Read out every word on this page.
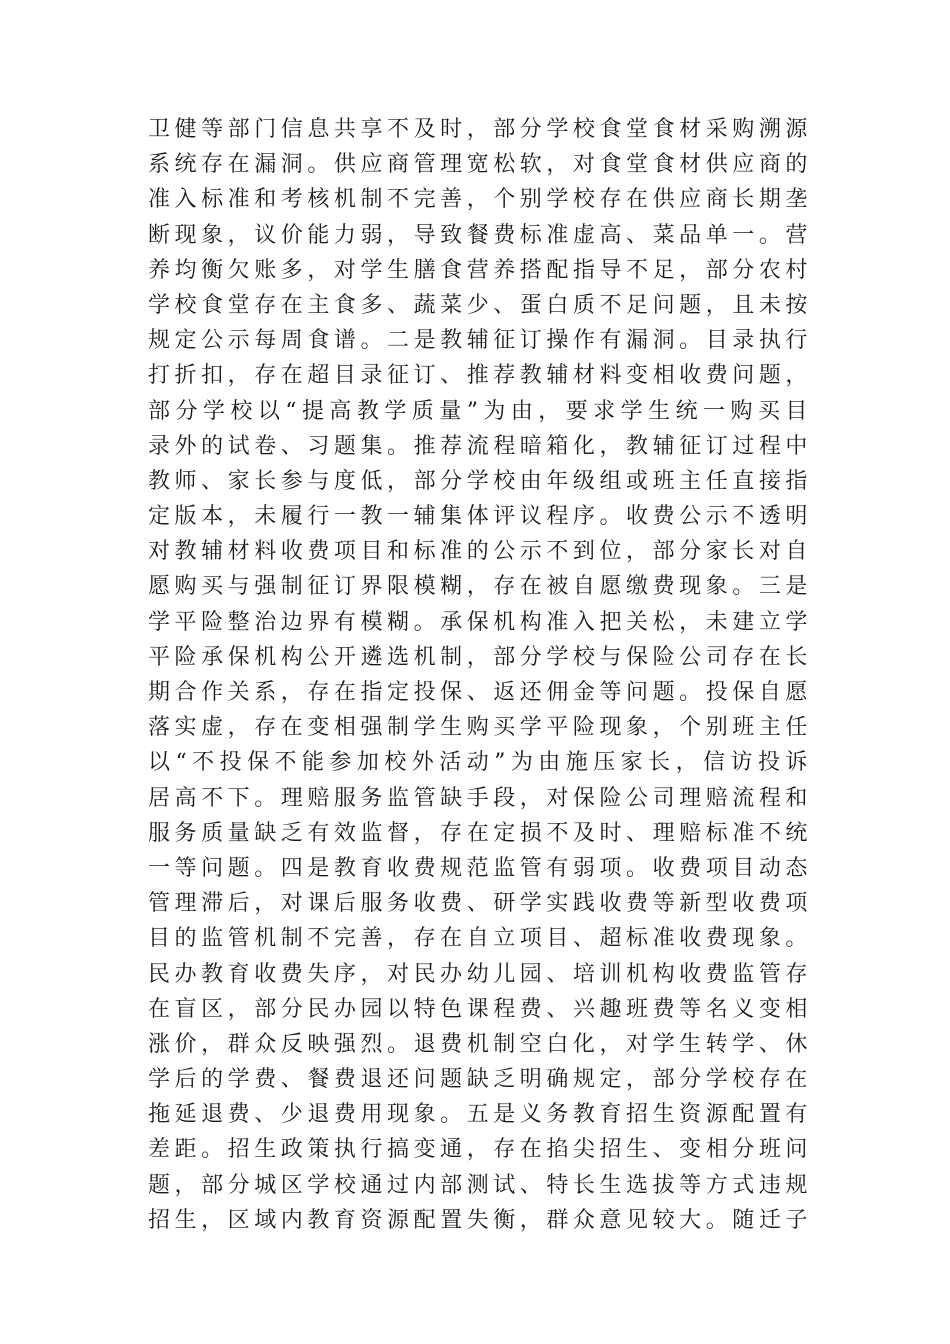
卫健等部门信息共享不及时，部分学校食堂食材采购溯源
系统存在漏洞。供应商管理宽松软，对食堂食材供应商的
准入标准和考核机制不完善，个别学校存在供应商长期垄
断现象，议价能力弱，导致餐费标准虚高、菜品单一。营
养均衡欠账多，对学生膳食营养搭配指导不足，部分农村
学校食堂存在主食多、蔬菜少、蛋白质不足问题，且未按
规定公示每周食谱。二是教辅征订操作有漏洞。目录执行
打折扣，存在超目录征订、推荐教辅材料变相收费问题，
部分学校以“提高教学质量”为由，要求学生统一购买目
录外的试卷、习题集。推荐流程暗箱化，教辅征订过程中
教师、家长参与度低，部分学校由年级组或班主任直接指
定版本，未履行一教一辅集体评议程序。收费公示不透明
对教辅材料收费项目和标准的公示不到位，部分家长对自
愿购买与强制征订界限模糊，存在被自愿缴费现象。三是
学平险整治边界有模糊。承保机构准入把关松，未建立学
平险承保机构公开遴选机制，部分学校与保险公司存在长
期合作关系，存在指定投保、返还佣金等问题。投保自愿
落实虚，存在变相强制学生购买学平险现象，个别班主任
以“不投保不能参加校外活动”为由施压家长，信访投诉
居高不下。理赔服务监管缺手段，对保险公司理赔流程和
服务质量缺乏有效监督，存在定损不及时、理赔标准不统
一等问题。四是教育收费规范监管有弱项。收费项目动态
管理滞后，对课后服务收费、研学实践收费等新型收费项
目的监管机制不完善，存在自立项目、超标准收费现象。
民办教育收费失序，对民办幼儿园、培训机构收费监管存
在盲区，部分民办园以特色课程费、兴趣班费等名义变相
涨价，群众反映强烈。退费机制空白化，对学生转学、休
学后的学费、餐费退还问题缺乏明确规定，部分学校存在
拖延退费、少退费用现象。五是义务教育招生资源配置有
差距。招生政策执行搞变通，存在掐尖招生、变相分班问
题，部分城区学校通过内部测试、特长生选拔等方式违规
招生，区域内教育资源配置失衡，群众意见较大。随迁子
